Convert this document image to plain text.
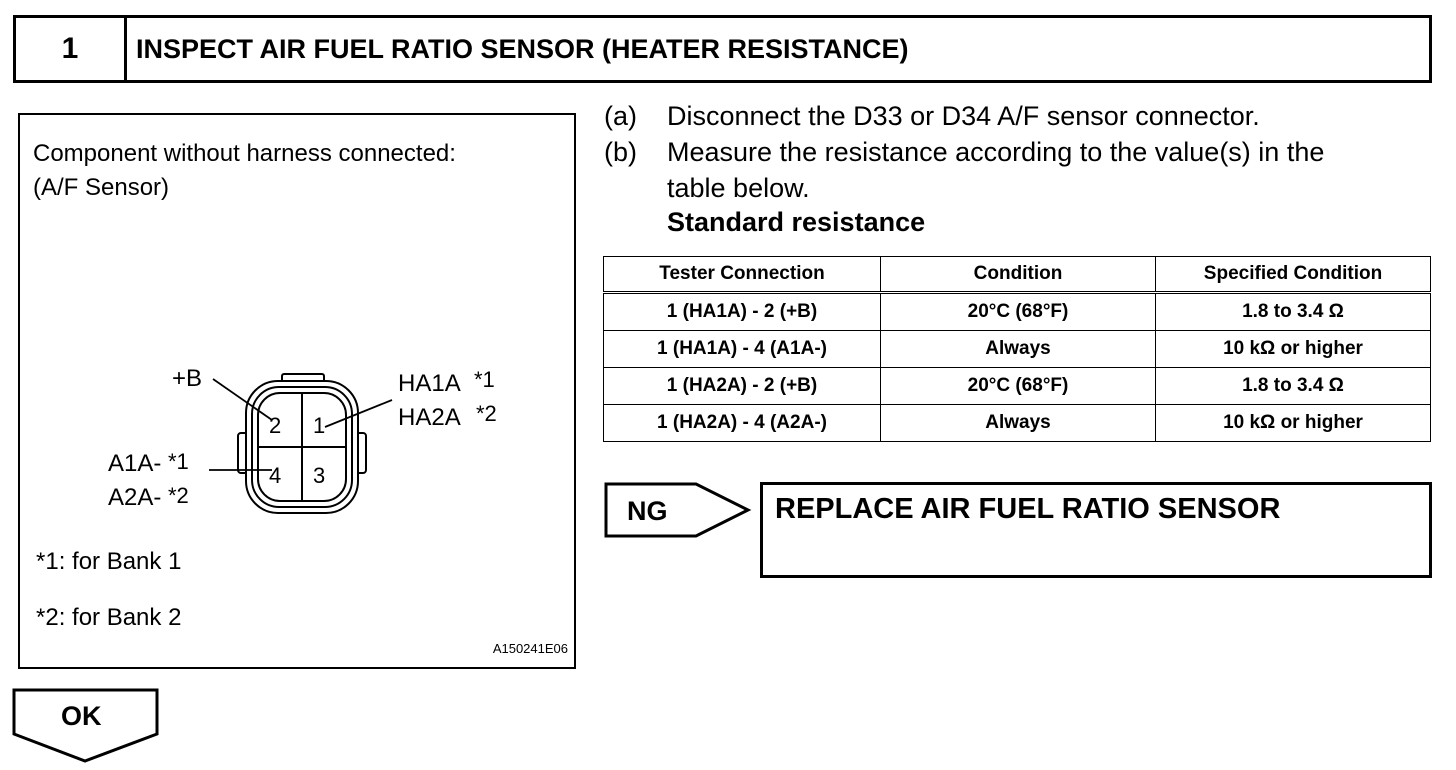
1	INSPECT AIR FUEL RATIO SENSOR (HEATER RESISTANCE)
Component without harness connected:
(A/F Sensor)
2 1
4 3
+B	HA1A *1
HA2A *2
A1A- *1
A2A- *2
*1: for Bank 1
*2: for Bank 2
A150241E06
(a)	Disconnect the D33 or D34 A/F sensor connector.
(b)	Measure the resistance according to the value(s) in the
table below.
Standard resistance
Tester Connection	Condition	Specified Condition
1 (HA1A) - 2 (+B)	20°C (68°F)	1.8 to 3.4 Ω
1 (HA1A) - 4 (A1A-)	Always	10 kΩ or higher
1 (HA2A) - 2 (+B)	20°C (68°F)	1.8 to 3.4 Ω
1 (HA2A) - 4 (A2A-)	Always	10 kΩ or higher
NG	REPLACE AIR FUEL RATIO SENSOR
OK
